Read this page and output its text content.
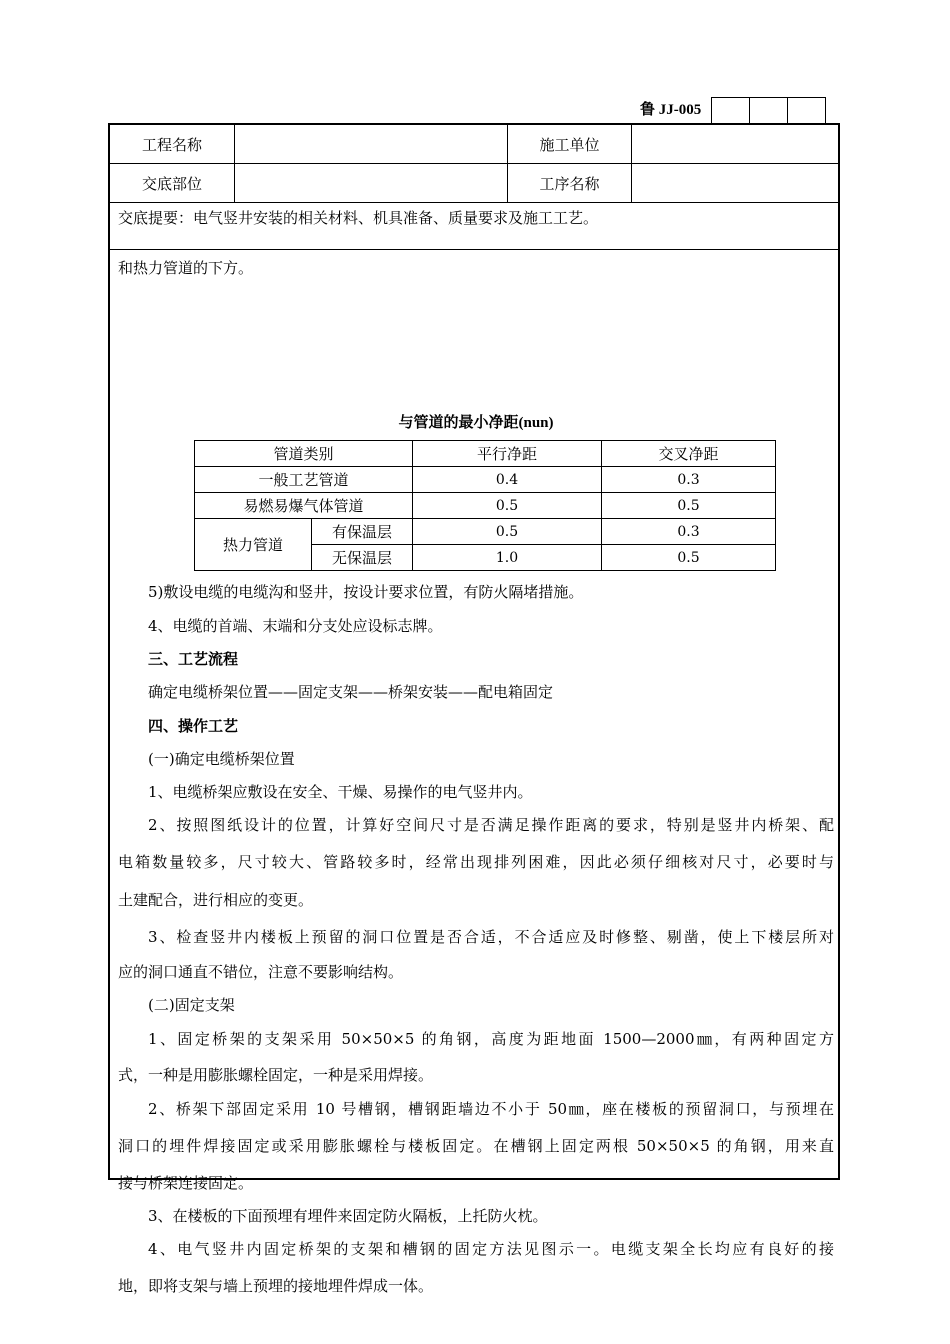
鲁 JJ-005
工程名称	施工单位
交底部位	工序名称
交底提要：电气竖井安装的相关材料、机具准备、质量要求及施工工艺。
和热力管道的下方。
与管道的最小净距(nun)
管道类别		平行净距	交叉净距
一般工艺管道		0.4	0.3
易燃易爆气体管道		0.5	0.5
热力管道	有保温层	0.5	0.3
	无保温层	1.0	0.5
5)敷设电缆的电缆沟和竖井，按设计要求位置，有防火隔堵措施。
4、电缆的首端、末端和分支处应设标志牌。
三、工艺流程
确定电缆桥架位置——固定支架——桥架安装——配电箱固定
四、操作工艺
(一)确定电缆桥架位置
1、电缆桥架应敷设在安全、干燥、易操作的电气竖井内。
2、按照图纸设计的位置，计算好空间尺寸是否满足操作距离的要求，特别是竖井内桥架、配
电箱数量较多，尺寸较大、管路较多时，经常出现排列困难，因此必须仔细核对尺寸，必要时与
土建配合，进行相应的变更。
3、检查竖井内楼板上预留的洞口位置是否合适，不合适应及时修整、剔凿，使上下楼层所对
应的洞口通直不错位，注意不要影响结构。
(二)固定支架
1、固定桥架的支架采用 50×50×5 的角钢，高度为距地面 1500—2000㎜，有两种固定方
式，一种是用膨胀螺栓固定，一种是采用焊接。
2、桥架下部固定采用 10 号槽钢，槽钢距墙边不小于 50㎜，座在楼板的预留洞口，与预埋在
洞口的埋件焊接固定或采用膨胀螺栓与楼板固定。在槽钢上固定两根 50×50×5 的角钢，用来直
接与桥架连接固定。
3、在楼板的下面预埋有埋件来固定防火隔板，上托防火枕。
4、电气竖井内固定桥架的支架和槽钢的固定方法见图示一。电缆支架全长均应有良好的接
地，即将支架与墙上预埋的接地埋件焊成一体。
